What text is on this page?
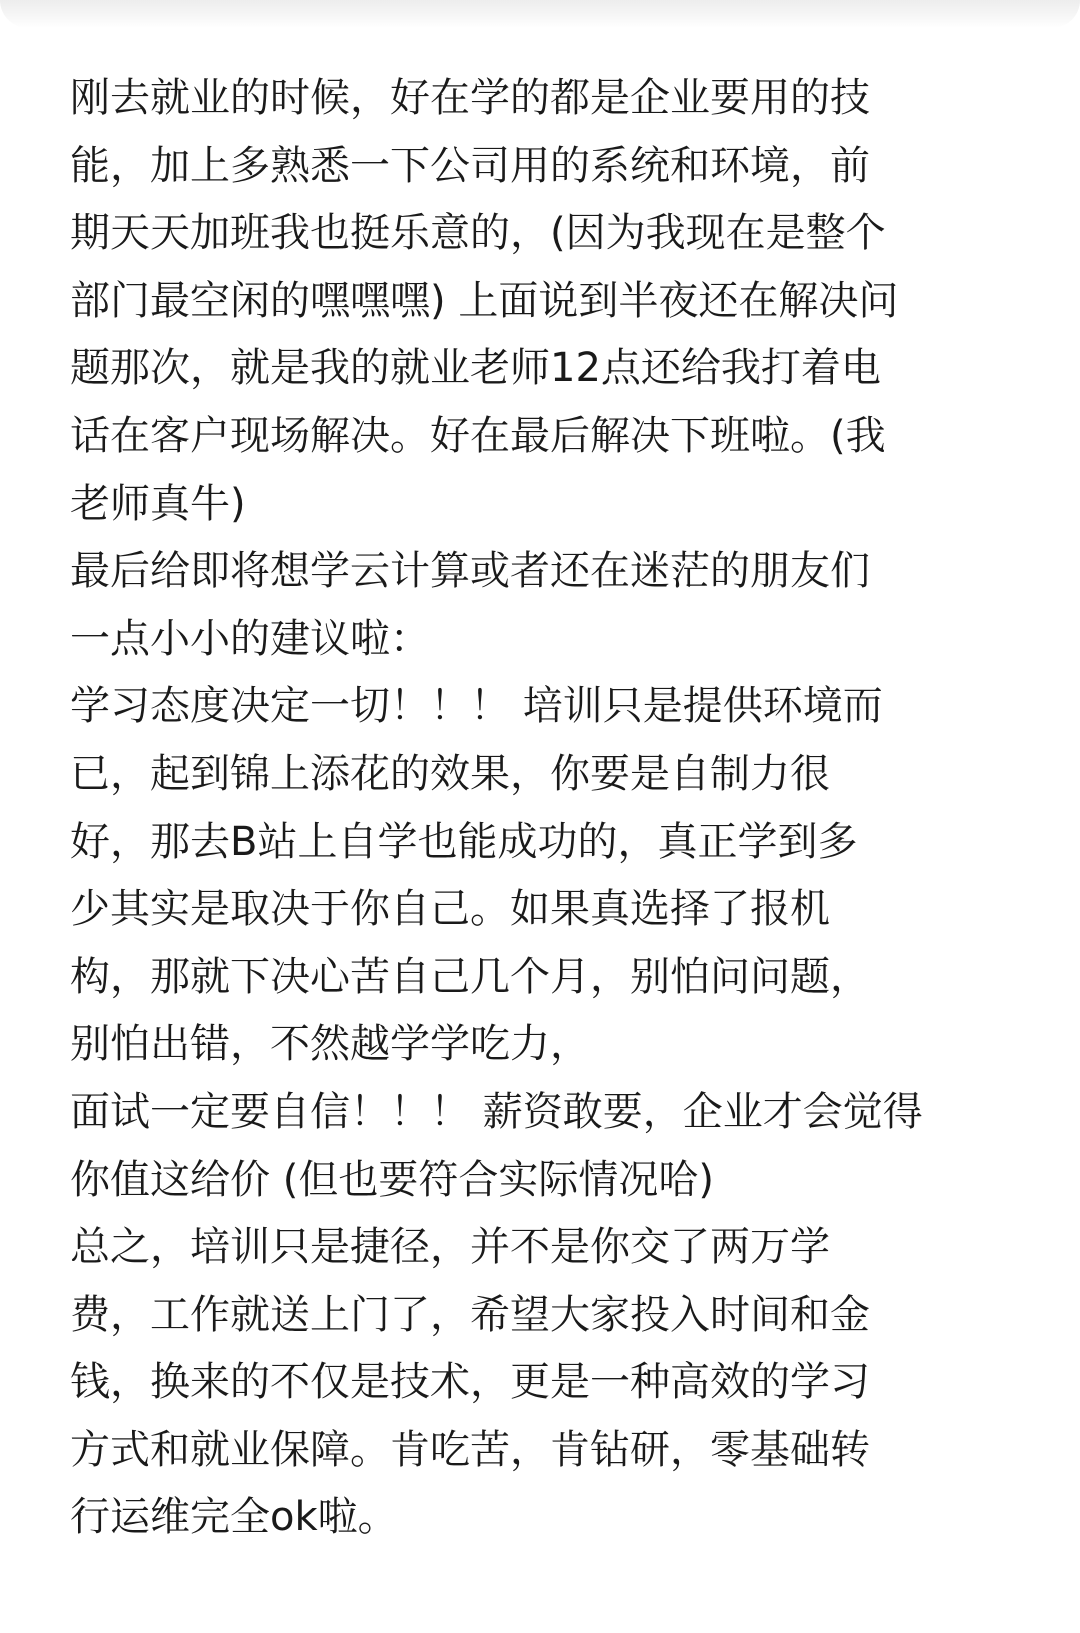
刚去就业的时候，好在学的都是企业要用的技
能，加上多熟悉一下公司用的系统和环境，前
期天天加班我也挺乐意的，(因为我现在是整个
部门最空闲的嘿嘿嘿) 上面说到半夜还在解决问
题那次，就是我的就业老师12点还给我打着电
话在客户现场解决。好在最后解决下班啦。(我
老师真牛)
最后给即将想学云计算或者还在迷茫的朋友们
一点小小的建议啦：
学习态度决定一切！！！ 培训只是提供环境而
已，起到锦上添花的效果，你要是自制力很
好，那去B站上自学也能成功的，真正学到多
少其实是取决于你自己。如果真选择了报机
构，那就下决心苦自己几个月，别怕问问题，
别怕出错，不然越学学吃力，
面试一定要自信！！！ 薪资敢要，企业才会觉得
你值这给价 (但也要符合实际情况哈)
总之，培训只是捷径，并不是你交了两万学
费，工作就送上门了，希望大家投入时间和金
钱，换来的不仅是技术，更是一种高效的学习
方式和就业保障。肯吃苦，肯钻研，零基础转
行运维完全ok啦。
